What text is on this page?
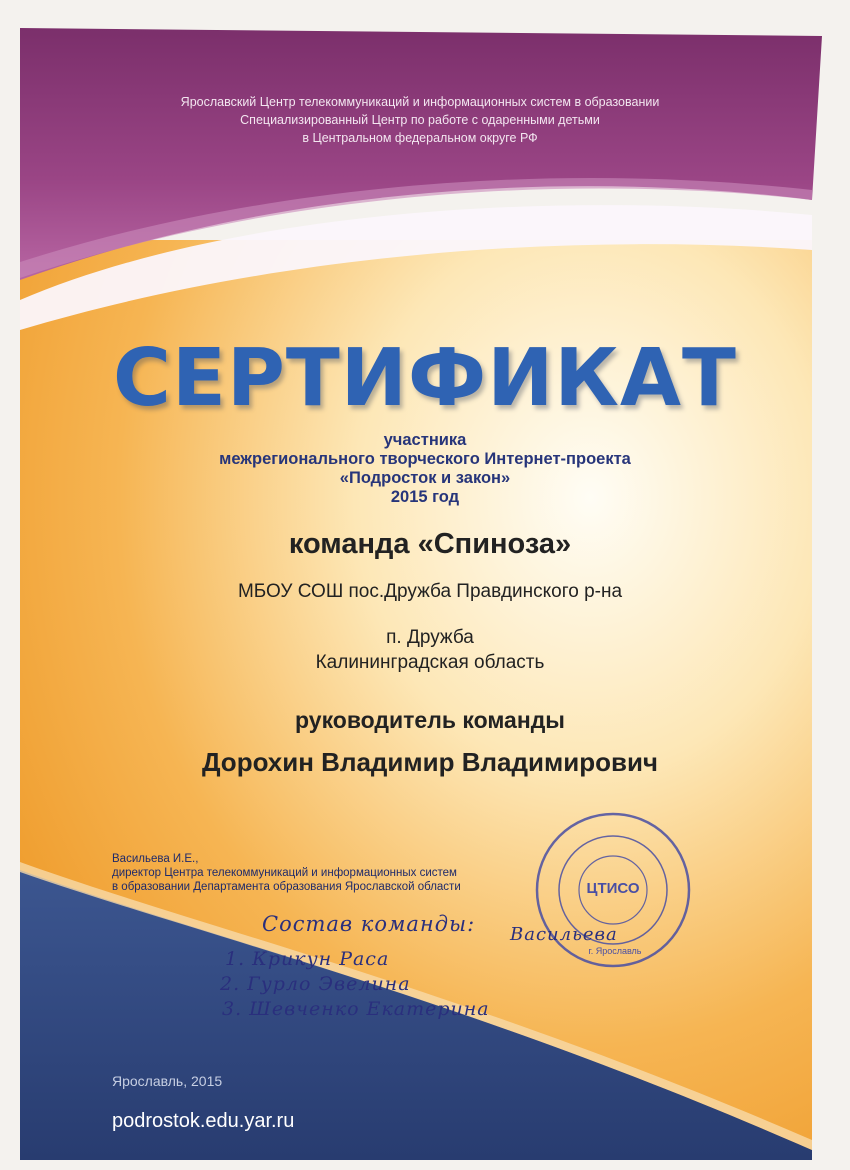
Ярославский Центр телекоммуникаций и информационных систем в образовании
Специализированный Центр по работе с одаренными детьми
в Центральном федеральном округе РФ
СЕРТИФИКАТ
участника
межрегионального творческого Интернет-проекта
«Подросток и закон»
2015 год
команда «Спиноза»
МБОУ СОШ пос.Дружба Правдинского р-на
п. Дружба
Калининградская область
руководитель команды
Дорохин Владимир Владимирович
Васильева И.Е.,
директор Центра телекоммуникаций и информационных систем
в образовании Департамента образования Ярославской области	ЦТИСО
г. Ярославль
Состав команды: Васильева
1. Крикун Раса
2. Гурло Эвелина
3. Шевченко Екатерина
Ярославль, 2015
podrostok.edu.yar.ru
